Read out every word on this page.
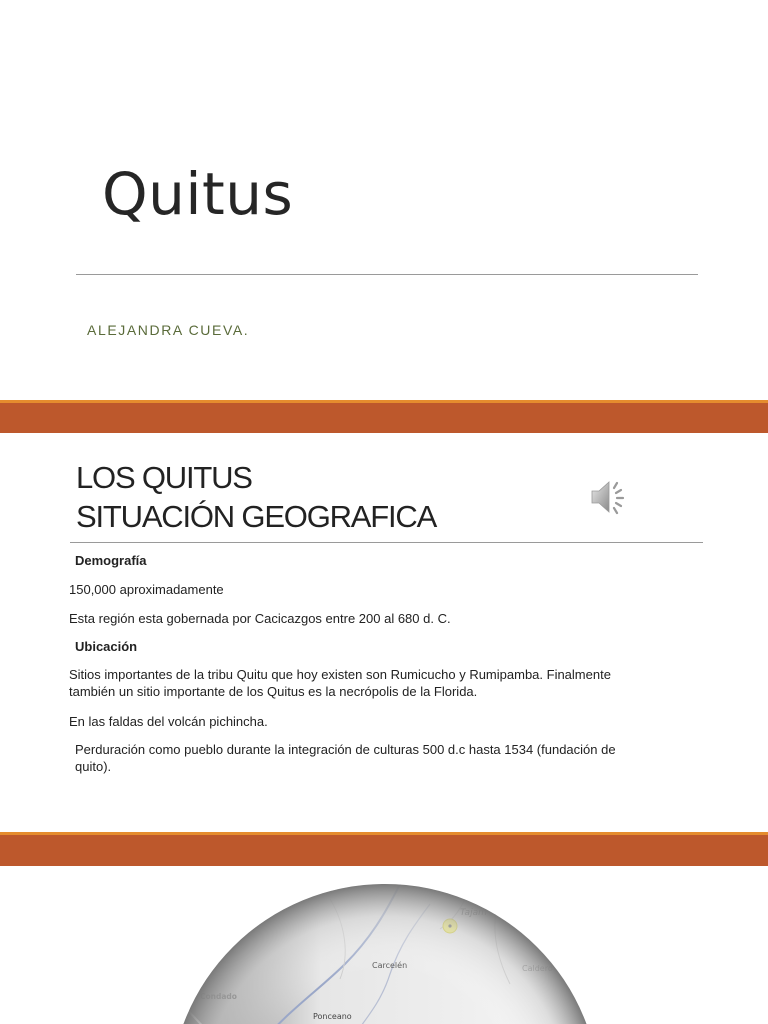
Quitus
ALEJANDRA CUEVA.
LOS QUITUS
SITUACIÓN GEOGRAFICA
Demografía
150,000 aproximadamente
Esta región esta gobernada por Cacicazgos entre 200 al 680 d. C.
Ubicación
Sitios importantes de la tribu Quitu que hoy existen son Rumicucho y Rumipamba. Finalmente
también un sitio importante de los Quitus es la necrópolis de la Florida.
En las faldas del volcán pichincha.
Perduración como pueblo durante la integración de culturas 500 d.c hasta 1534 (fundación de
quito).
